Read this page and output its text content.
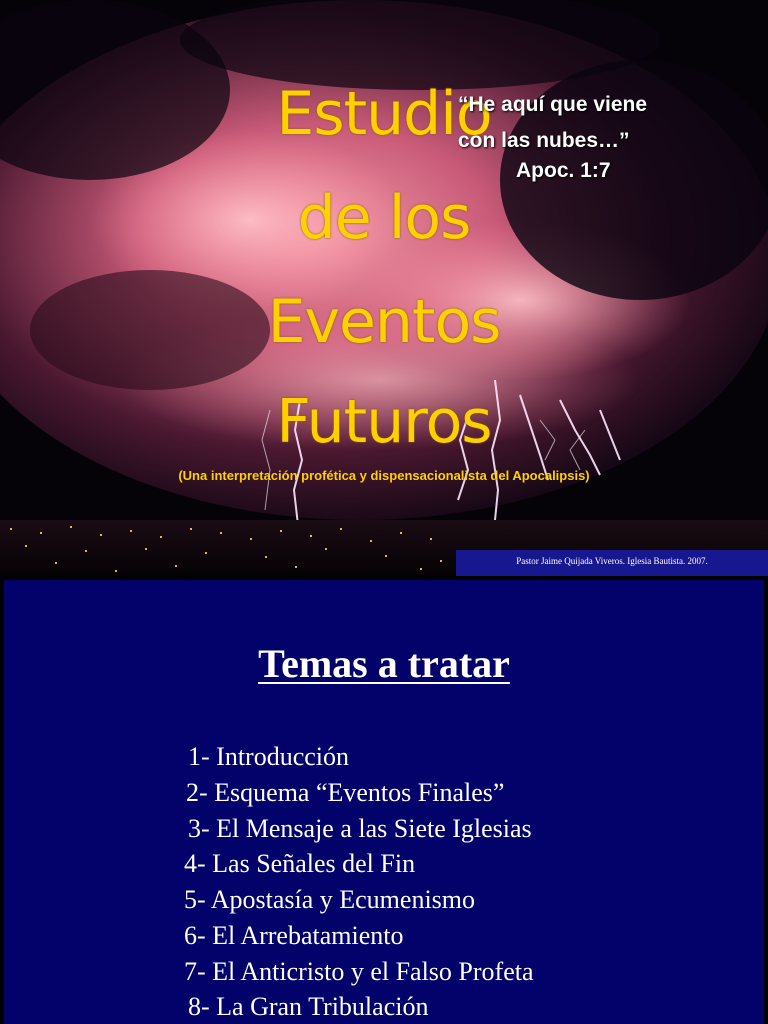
Estudio
de los
Eventos
Futuros
“He aquí que viene
con las nubes…”
Apoc. 1:7
(Una interpretación profética y dispensacionalista del Apocalipsis)
Pastor Jaime Quijada Viveros. Iglesia Bautista. 2007.
Temas a tratar
1- Introducción
2- Esquema “Eventos Finales”
3- El Mensaje a las Siete Iglesias
4- Las Señales del Fin
5- Apostasía y Ecumenismo
6- El Arrebatamiento
7- El Anticristo y el Falso Profeta
8- La Gran Tribulación
